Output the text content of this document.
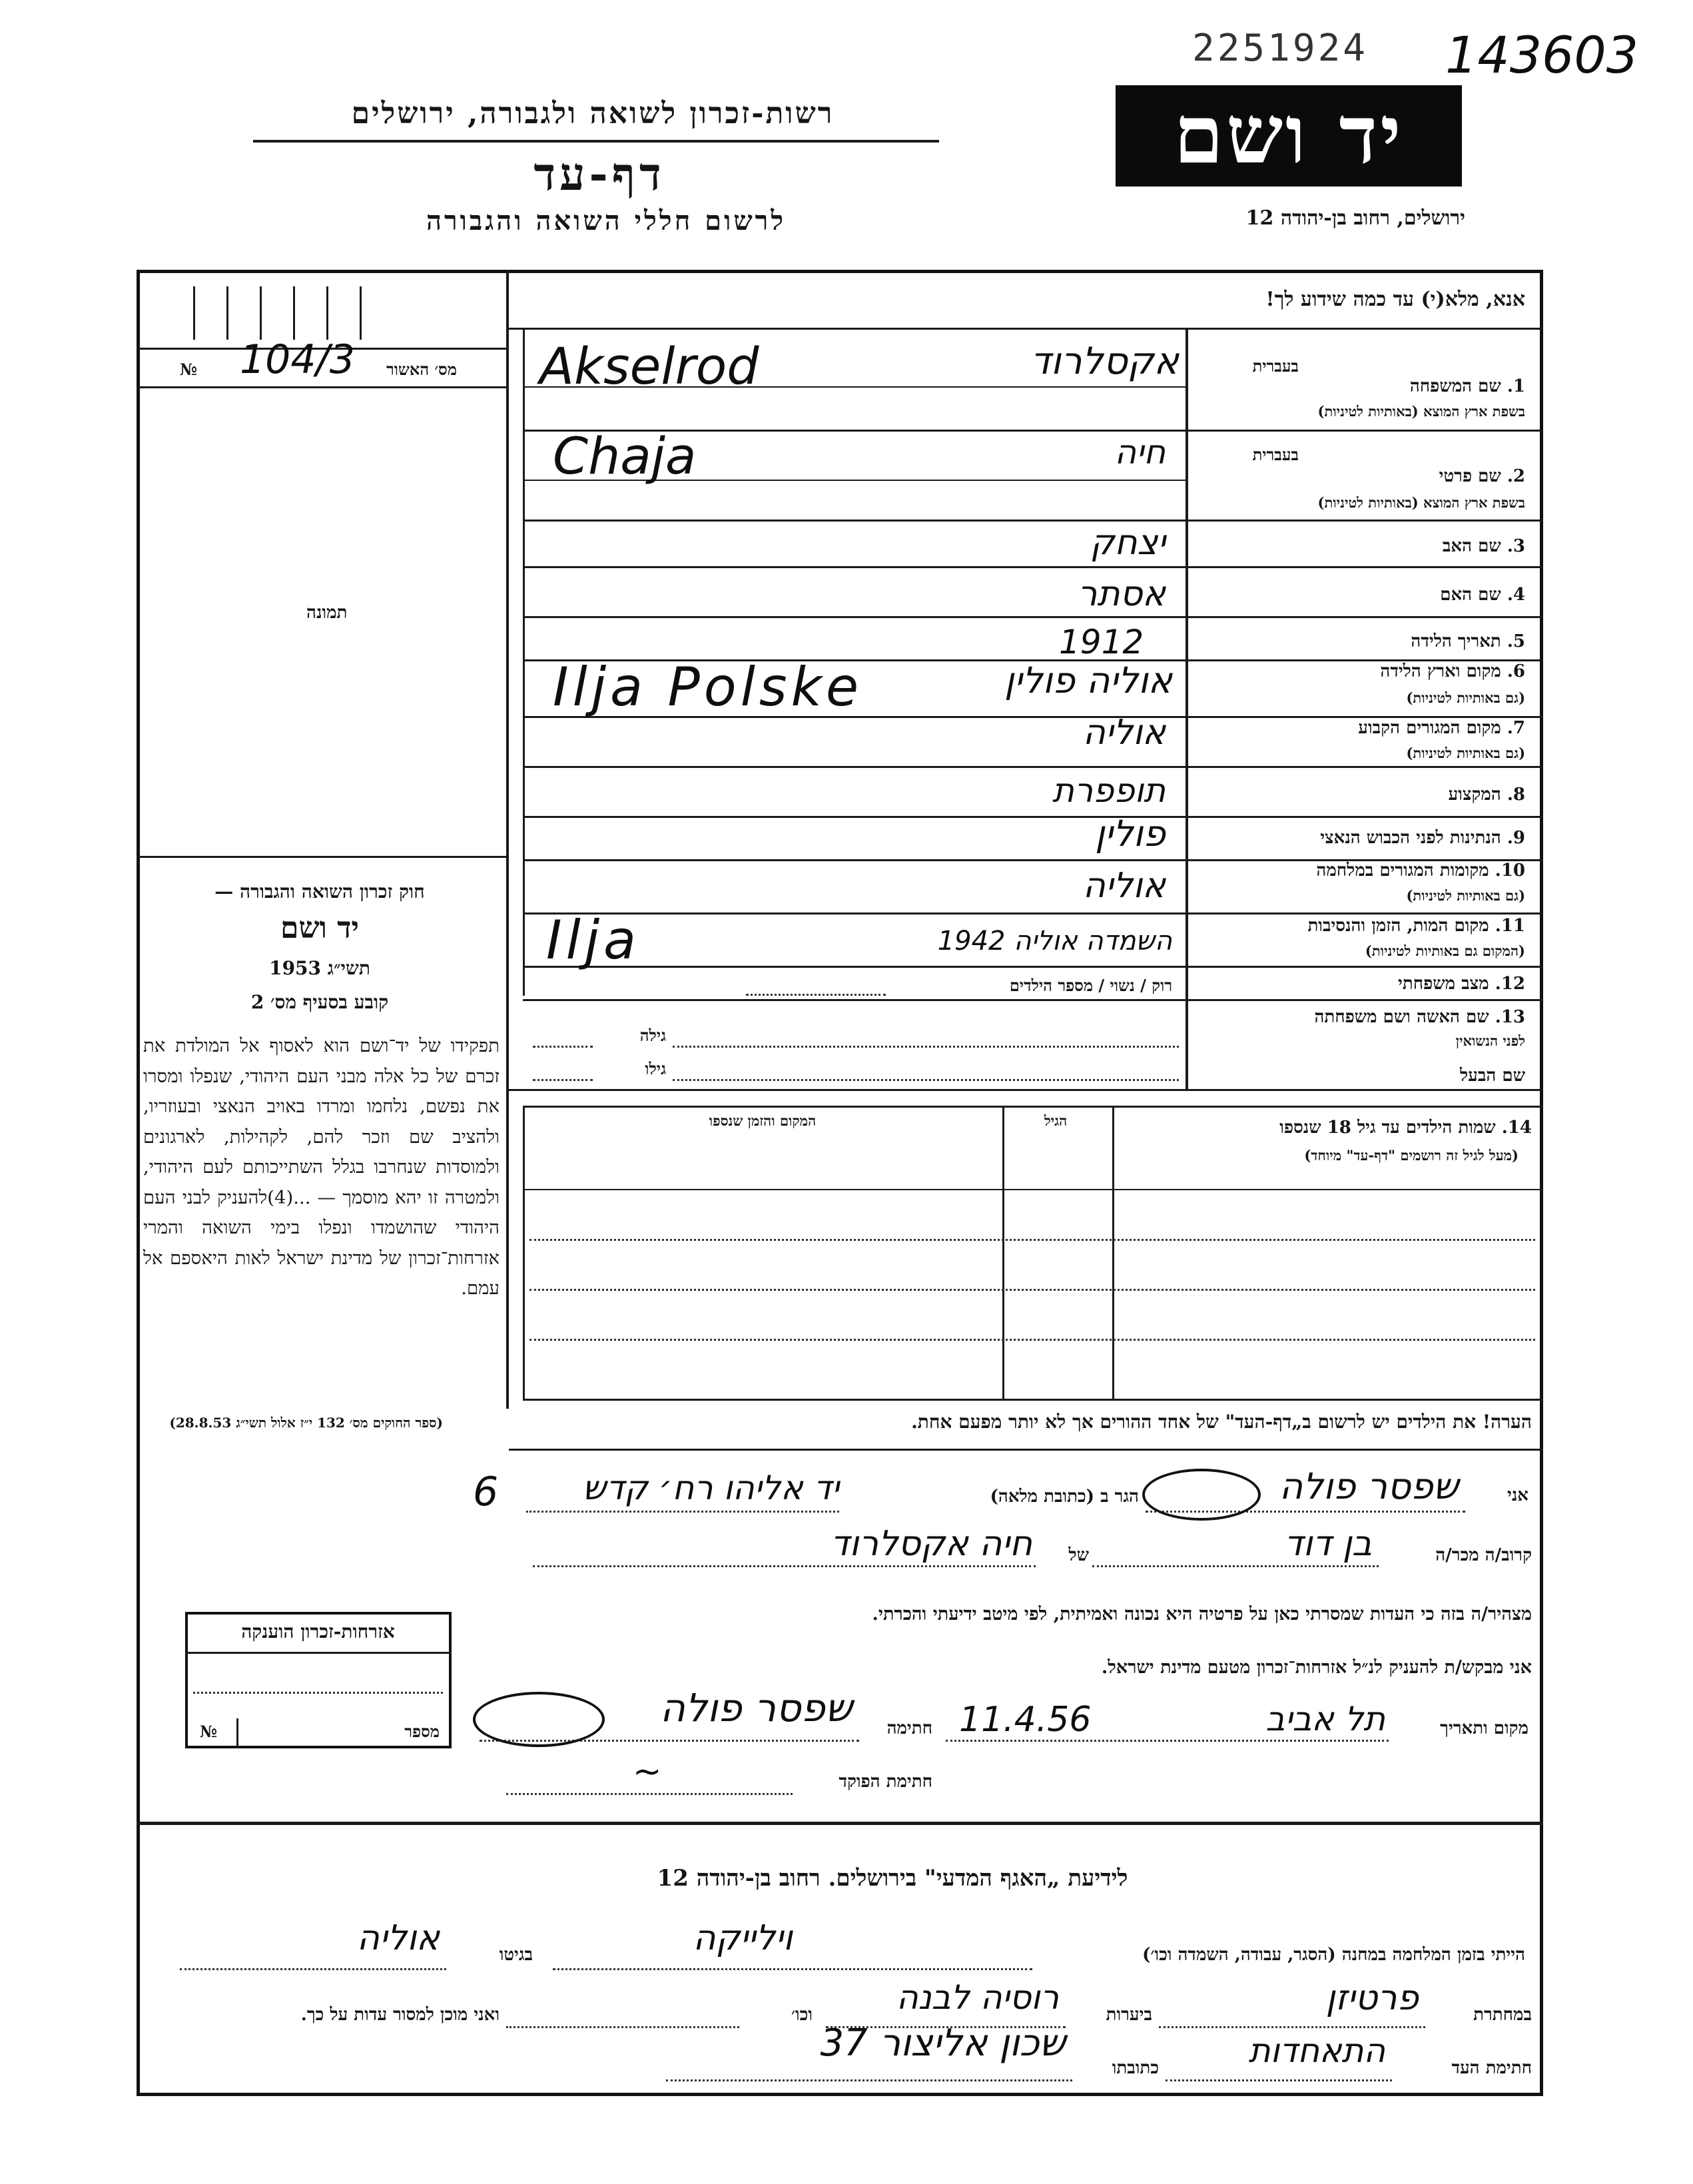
2251924 143603
רשות-זכרון לשואה ולגבורה, ירושלים
דף-עד
לרשום חללי השואה והגבורה
יד ושם
ירושלים, רחוב בן-יהודה 12
מס׳ האשור
№ 104/3
תמונה
אנא, מלא(י) עד כמה שידוע לך!
1. שם המשפחה
בשפת ארץ המוצא (באותיות לטיניות)
בעברית
Akselrod	אקסלרוד
2. שם פרטי
בשפת ארץ המוצא (באותיות לטיניות)
בעברית
Chaja	חיה
3. שם האב
יצחק
4. שם האם
אסתר
5. תאריך הלידה
1912
6. מקום וארץ הלידה
(גם באותיות לטיניות)
Ilja Polske	אוליה פולין
7. מקום המגורים הקבוע
(גם באותיות לטיניות)
אוליה
8. המקצוע
תופפרת
9. הנתינות לפני הכבוש הנאצי
פולין
10. מקומות המגורים במלחמה
(גם באותיות לטיניות)
אוליה
11. מקום המות, הזמן והנסיבות
(המקום גם באותיות לטיניות)
Ilja	השמדה אוליה 1942
12. מצב משפחתי
רוק / נשוי / מספר הילדים
13. שם האשה ושם משפחתה
לפני הנשואין
גילה
שם הבעל
גילו
14. שמות הילדים עד גיל 18 שנספו
(מעל לגיל זה רושמים "דף-עד" מיוחד)
הגיל
המקום והזמן שנספו
חוק זכרון השואה והגבורה —
יד ושם
תשי״ג 1953
קובע בסעיף מס׳ 2
תפקידו של יד־ושם הוא לאסוף אל המולדת את זכרם של כל אלה מבני העם היהודי, שנפלו ומסרו את נפשם, נלחמו ומרדו באויב הנאצי ובעוזריו, ולהציב שם וזכר להם, לקהילות, לארגונים ולמוסדות שנחרבו בגלל השתייכותם לעם היהודי, ולמטרה זו יהא מוסמך — ...(4)להעניק לבני העם היהודי שהושמדו ונפלו בימי השואה והמרי אזרחות־זכרון של מדינת ישראל לאות היאספם אל עמם.
(ספר החוקים מס׳ 132 י״ז אלול תשי״ג 28.8.53)	הערה! את הילדים יש לרשום ב„דף-העד" של אחד ההורים אך לא יותר מפעם אחת.
אני
שפסר פולה
הגר ב (כתובת מלאה)
יד אליהו רח׳ קדש
6
קרוב/ה מכר/ה
בן דוד
של
חיה אקסלרוד
מצהיר/ה בזה כי העדות שמסרתי כאן על פרטיה היא נכונה ואמיתית, לפי מיטב ידיעתי והכרתי.
אני מבקש/ת להעניק לנ״ל אזרחות־זכרון מטעם מדינת ישראל.
מקום ותאריך
תל אביב
11.4.56
חתימה
שפסר פולה
חתימת הפוקד
~
אזרחות-זכרון הוענקה
מספר
№
לידיעת „האגף המדעי" בירושלים. רחוב בן-יהודה 12
הייתי בזמן המלחמה במחנה (הסגר, עבודה, השמדה וכו׳)
וילייקה
בגיטו
אוליה
במחתרת
פרטיזן
ביערות
רוסיה לבנה
וכו׳
ואני מוכן למסור עדות על כך.
חתימת העד
התאחדות
כתובתו
שכון אליצור 37
